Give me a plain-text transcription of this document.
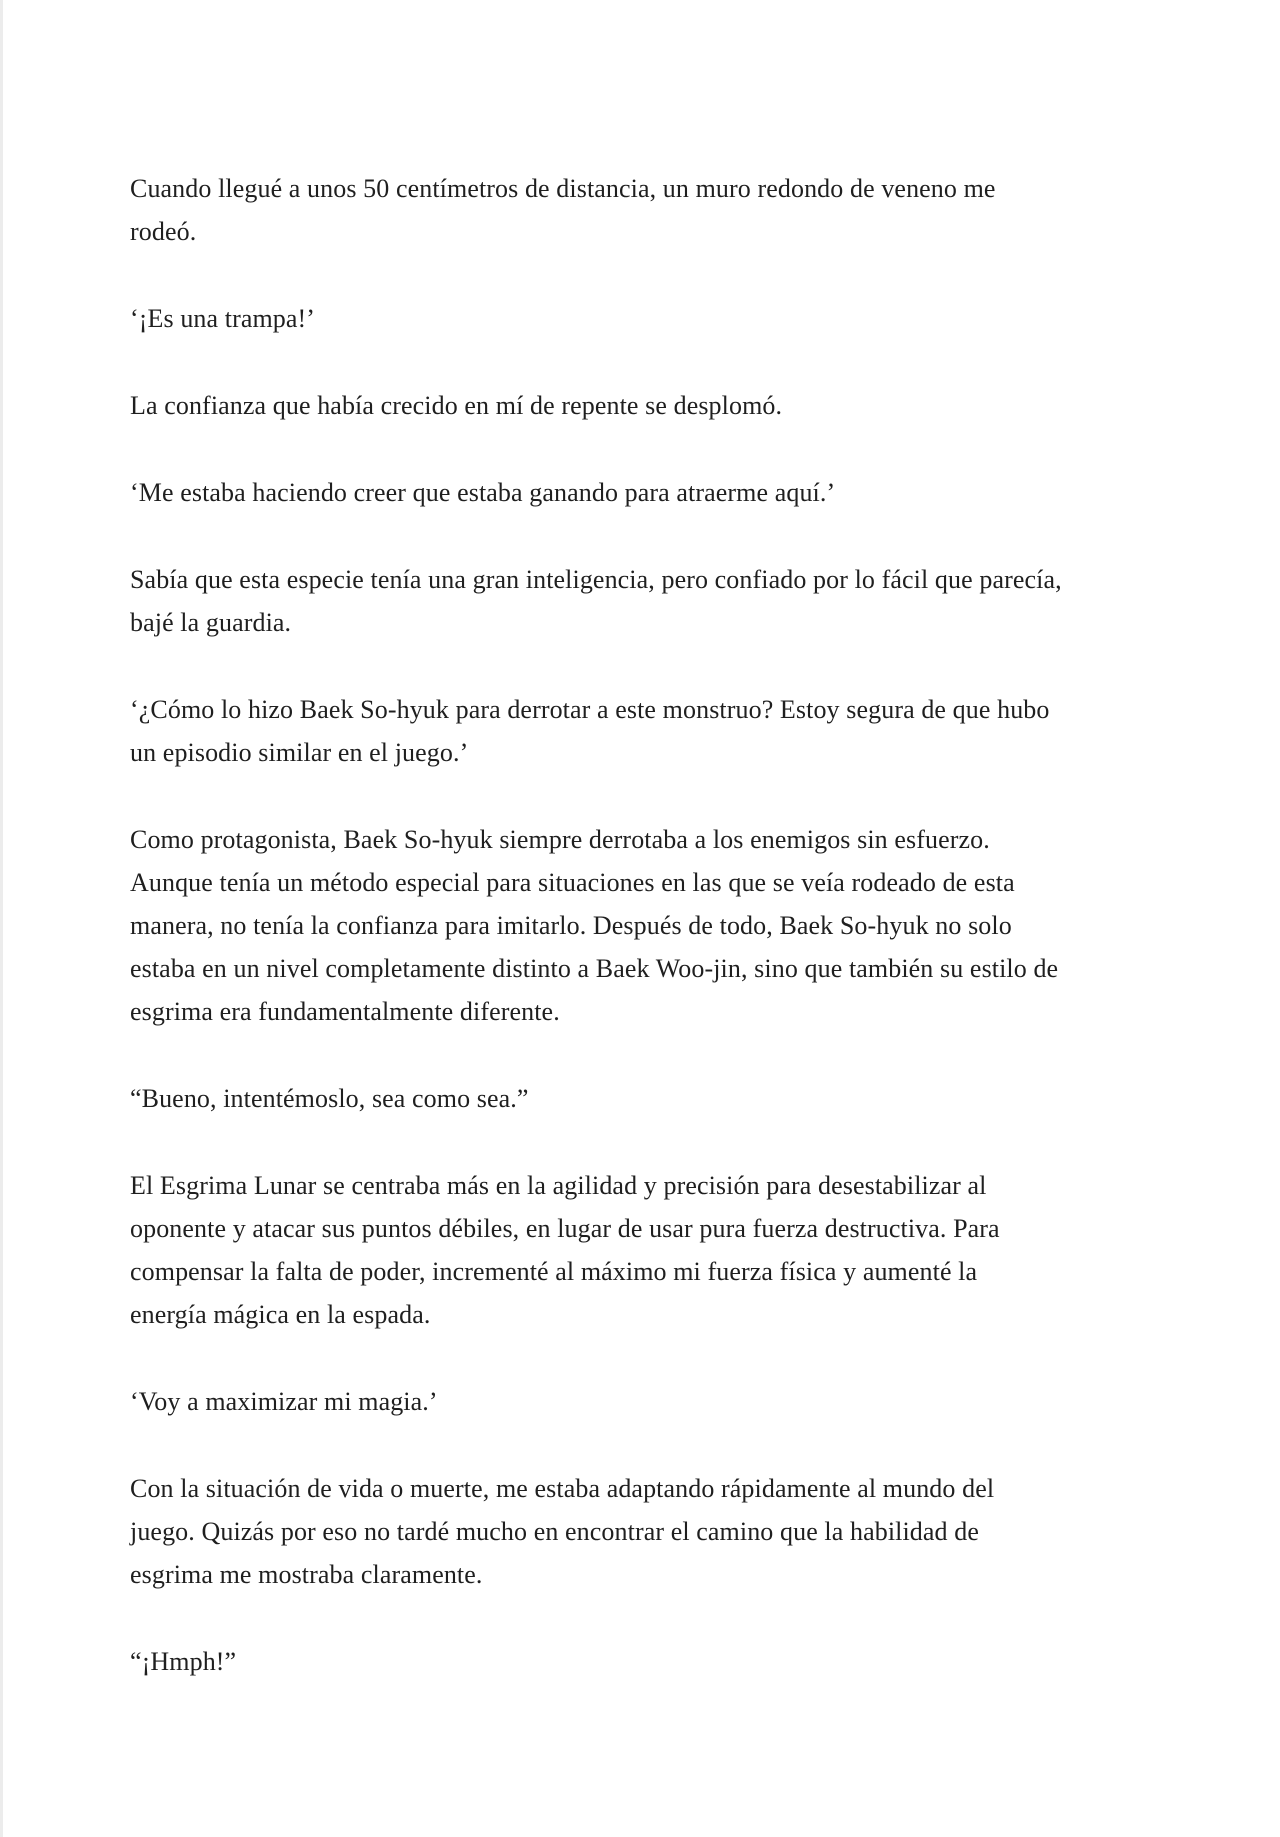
Cuando llegué a unos 50 centímetros de distancia, un muro redondo de veneno me
rodeó.

‘¡Es una trampa!’

La confianza que había crecido en mí de repente se desplomó.

‘Me estaba haciendo creer que estaba ganando para atraerme aquí.’

Sabía que esta especie tenía una gran inteligencia, pero confiado por lo fácil que parecía,
bajé la guardia.

‘¿Cómo lo hizo Baek So-hyuk para derrotar a este monstruo? Estoy segura de que hubo
un episodio similar en el juego.’

Como protagonista, Baek So-hyuk siempre derrotaba a los enemigos sin esfuerzo.
Aunque tenía un método especial para situaciones en las que se veía rodeado de esta
manera, no tenía la confianza para imitarlo. Después de todo, Baek So-hyuk no solo
estaba en un nivel completamente distinto a Baek Woo-jin, sino que también su estilo de
esgrima era fundamentalmente diferente.

“Bueno, intentémoslo, sea como sea.”

El Esgrima Lunar se centraba más en la agilidad y precisión para desestabilizar al
oponente y atacar sus puntos débiles, en lugar de usar pura fuerza destructiva. Para
compensar la falta de poder, incrementé al máximo mi fuerza física y aumenté la
energía mágica en la espada.

‘Voy a maximizar mi magia.’

Con la situación de vida o muerte, me estaba adaptando rápidamente al mundo del
juego. Quizás por eso no tardé mucho en encontrar el camino que la habilidad de
esgrima me mostraba claramente.

“¡Hmph!”
